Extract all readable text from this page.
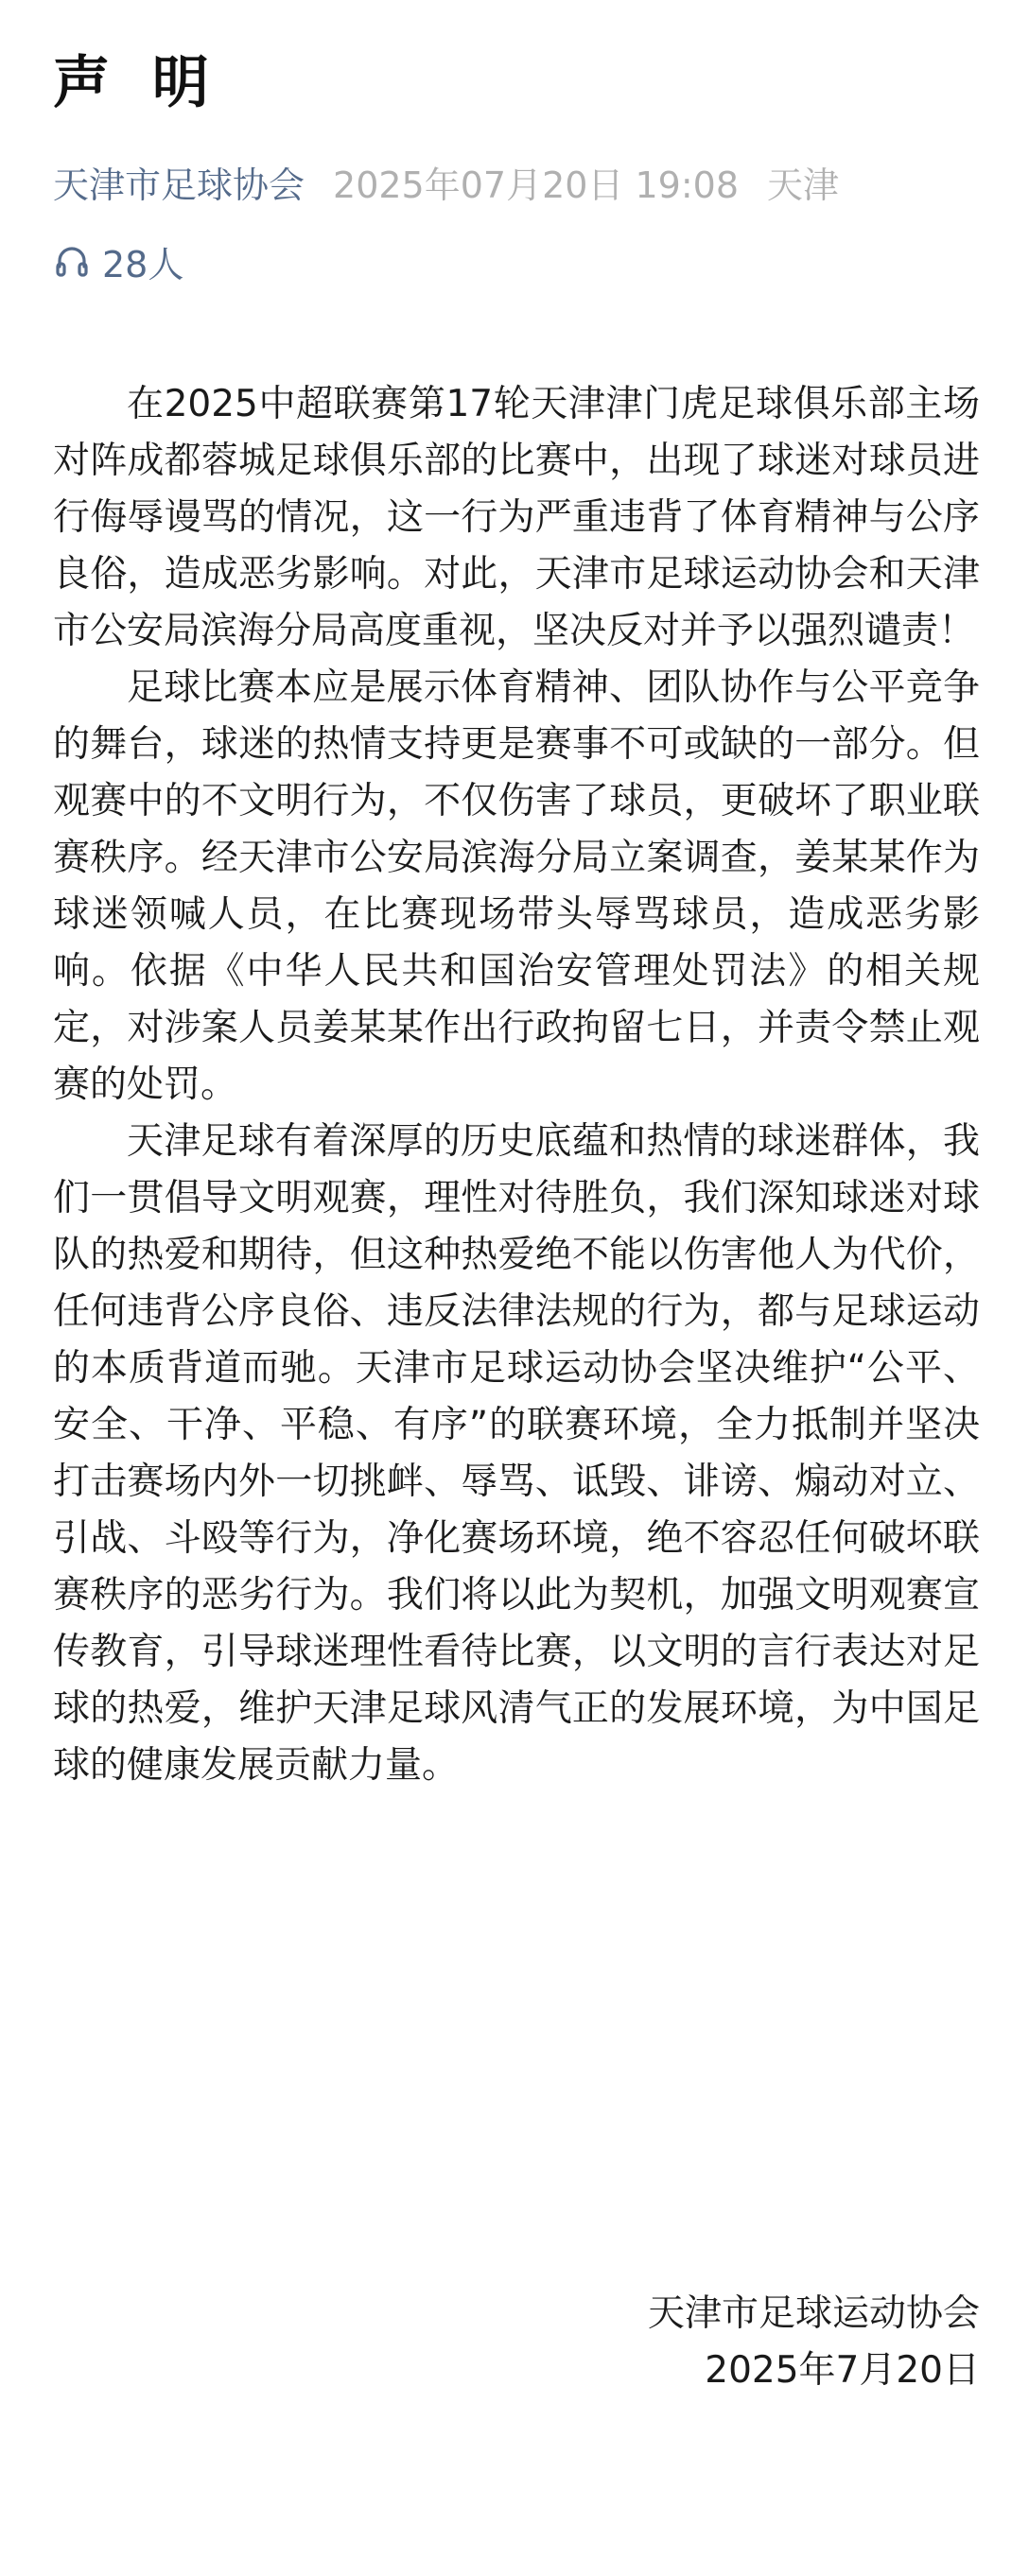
声 明
天津市足球协会 2025年07月20日 19:08 天津
28人

在2025中超联赛第17轮天津津门虎足球俱乐部主场对阵成都蓉城足球俱乐部的比赛中，出现了球迷对球员进行侮辱谩骂的情况，这一行为严重违背了体育精神与公序良俗，造成恶劣影响。对此，天津市足球运动协会和天津市公安局滨海分局高度重视，坚决反对并予以强烈谴责！

足球比赛本应是展示体育精神、团队协作与公平竞争的舞台，球迷的热情支持更是赛事不可或缺的一部分。但观赛中的不文明行为，不仅伤害了球员，更破坏了职业联赛秩序。经天津市公安局滨海分局立案调查，姜某某作为球迷领喊人员，在比赛现场带头辱骂球员，造成恶劣影响。依据《中华人民共和国治安管理处罚法》的相关规定，对涉案人员姜某某作出行政拘留七日，并责令禁止观赛的处罚。

天津足球有着深厚的历史底蕴和热情的球迷群体，我们一贯倡导文明观赛，理性对待胜负，我们深知球迷对球队的热爱和期待，但这种热爱绝不能以伤害他人为代价，任何违背公序良俗、违反法律法规的行为，都与足球运动的本质背道而驰。天津市足球运动协会坚决维护“公平、安全、干净、平稳、有序”的联赛环境，全力抵制并坚决打击赛场内外一切挑衅、辱骂、诋毁、诽谤、煽动对立、引战、斗殴等行为，净化赛场环境，绝不容忍任何破坏联赛秩序的恶劣行为。我们将以此为契机，加强文明观赛宣传教育，引导球迷理性看待比赛，以文明的言行表达对足球的热爱，维护天津足球风清气正的发展环境，为中国足球的健康发展贡献力量。

天津市足球运动协会
2025年7月20日
